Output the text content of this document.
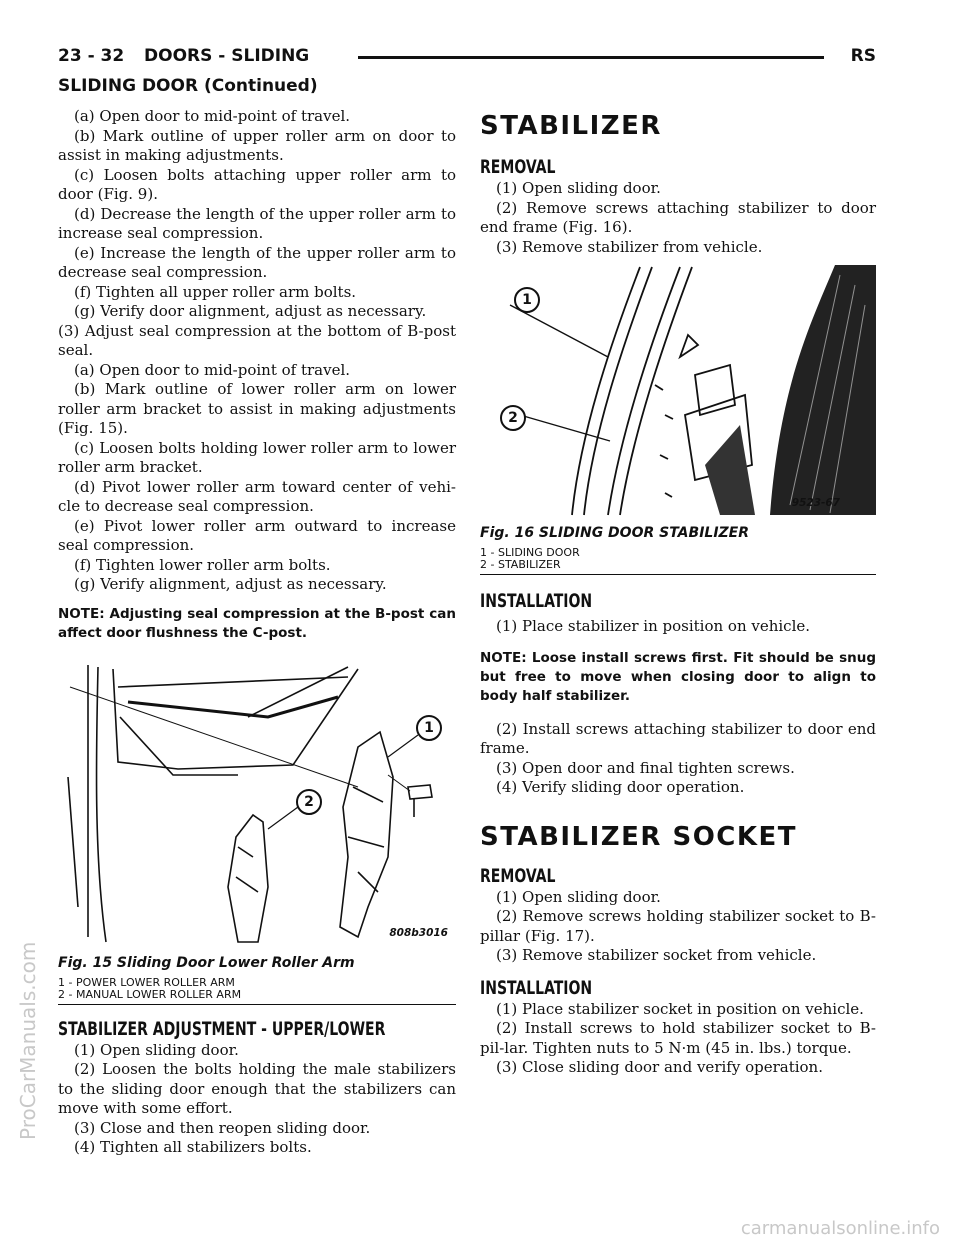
23 - 32 DOORS - SLIDING	RS
SLIDING DOOR (Continued)

(a) Open door to mid-point of travel.

(b) Mark outline of upper roller arm on door to assist in making adjustments.

(c) Loosen bolts attaching upper roller arm to door (Fig. 9).

(d) Decrease the length of the upper roller arm to increase seal compression.

(e) Increase the length of the upper roller arm to decrease seal compression.

(f) Tighten all upper roller arm bolts.

(g) Verify door alignment, adjust as necessary.

(3) Adjust seal compression at the bottom of B-post seal.

(a) Open door to mid-point of travel.

(b) Mark outline of lower roller arm on lower roller arm bracket to assist in making adjustments (Fig. 15).

(c) Loosen bolts holding lower roller arm to lower roller arm bracket.

(d) Pivot lower roller arm toward center of vehi-cle to decrease seal compression.

(e) Pivot lower roller arm outward to increase seal compression.

(f) Tighten lower roller arm bolts.

(g) Verify alignment, adjust as necessary.

NOTE: Adjusting seal compression at the B-post can affect door flushness the C-post.
1
2
808b3016
Fig. 15 Sliding Door Lower Roller Arm
1 - POWER LOWER ROLLER ARM
2 - MANUAL LOWER ROLLER ARM
STABILIZER ADJUSTMENT - UPPER/LOWER

(1) Open sliding door.

(2) Loosen the bolts holding the male stabilizers to the sliding door enough that the stabilizers can move with some effort.

(3) Close and then reopen sliding door.

(4) Tighten all stabilizers bolts.

STABILIZER
REMOVAL

(1) Open sliding door.

(2) Remove screws attaching stabilizer to door end frame (Fig. 16).

(3) Remove stabilizer from vehicle.

1
2
9523-67
Fig. 16 SLIDING DOOR STABILIZER
1 - SLIDING DOOR
2 - STABILIZER
INSTALLATION

(1) Place stabilizer in position on vehicle.

NOTE: Loose install screws first. Fit should be snug but free to move when closing door to align to body half stabilizer.

(2) Install screws attaching stabilizer to door end frame.

(3) Open door and final tighten screws.

(4) Verify sliding door operation.

STABILIZER SOCKET
REMOVAL

(1) Open sliding door.

(2) Remove screws holding stabilizer socket to B-pillar (Fig. 17).

(3) Remove stabilizer socket from vehicle.

INSTALLATION

(1) Place stabilizer socket in position on vehicle.

(2) Install screws to hold stabilizer socket to B-pil-lar. Tighten nuts to 5 N·m (45 in. lbs.) torque.

(3) Close sliding door and verify operation.

ProCarManuals.com
carmanualsonline.info
